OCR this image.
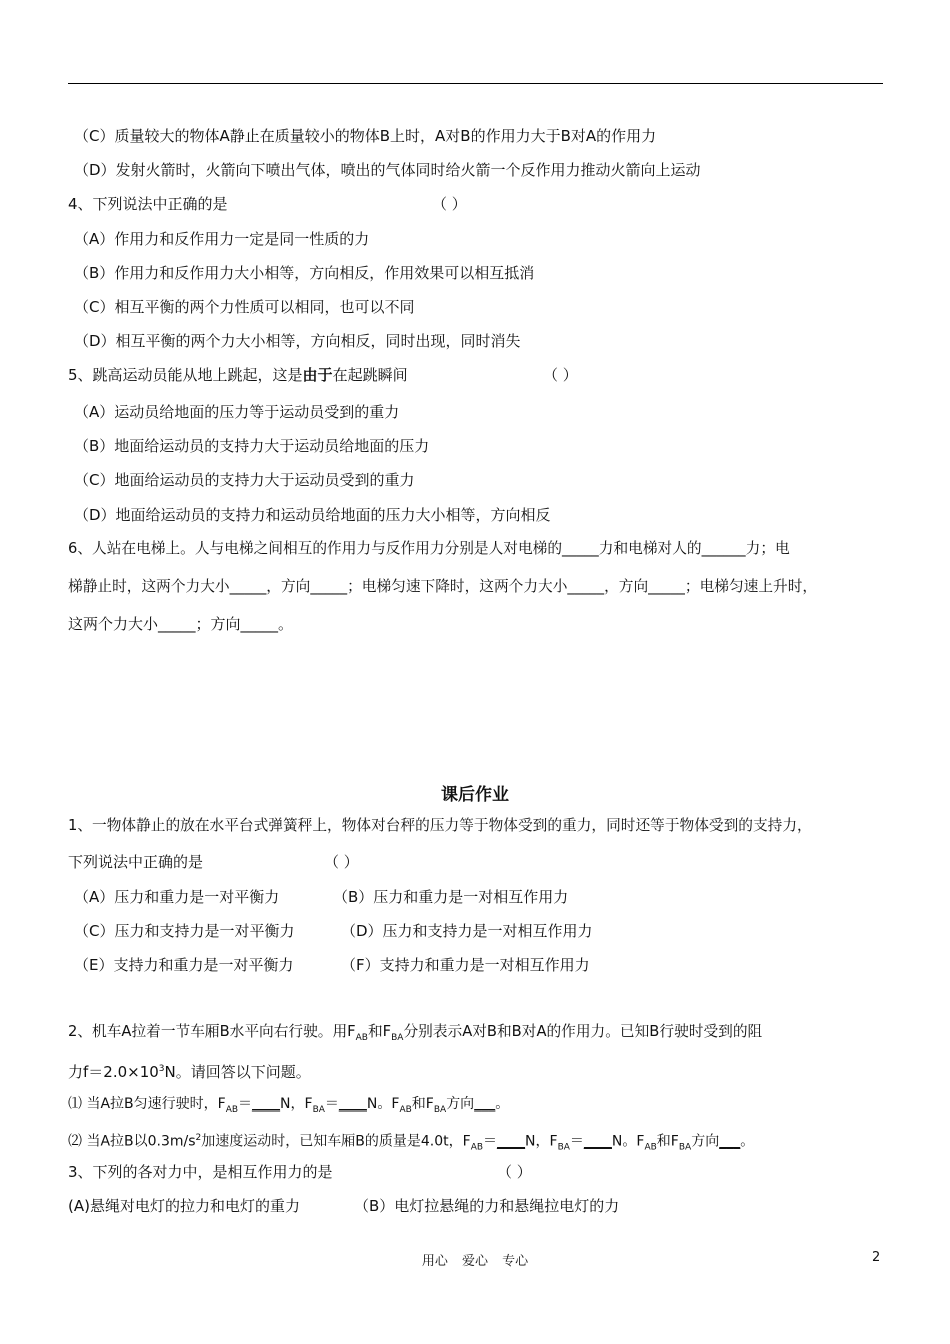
（C）质量较大的物体A静止在质量较小的物体B上时，A对B的作用力大于B对A的作用力
（D）发射火箭时，火箭向下喷出气体，喷出的气体同时给火箭一个反作用力推动火箭向上运动
4、下列说法中正确的是	（ ）
（A）作用力和反作用力一定是同一性质的力
（B）作用力和反作用力大小相等，方向相反，作用效果可以相互抵消
（C）相互平衡的两个力性质可以相同，也可以不同
（D）相互平衡的两个力大小相等，方向相反，同时出现，同时消失
5、跳高运动员能从地上跳起，这是由于在起跳瞬间	（ ）
（A）运动员给地面的压力等于运动员受到的重力
（B）地面给运动员的支持力大于运动员给地面的压力
（C）地面给运动员的支持力大于运动员受到的重力
（D）地面给运动员的支持力和运动员给地面的压力大小相等，方向相反
6、人站在电梯上。人与电梯之间相互的作用力与反作用力分别是人对电梯的_____力和电梯对人的______力；电
梯静止时，这两个力大小_____，方向_____；电梯匀速下降时，这两个力大小_____，方向_____；电梯匀速上升时，
这两个力大小_____；方向_____。
课后作业
1、一物体静止的放在水平台式弹簧秤上，物体对台秤的压力等于物体受到的重力，同时还等于物体受到的支持力，
下列说法中正确的是	（ ）
（A）压力和重力是一对平衡力	（B）压力和重力是一对相互作用力
（C）压力和支持力是一对平衡力	（D）压力和支持力是一对相互作用力
（E）支持力和重力是一对平衡力	（F）支持力和重力是一对相互作用力
2、机车A拉着一节车厢B水平向右行驶。用$F_{AB}$和$F_{BA}$分别表示A对B和B对A的作用力。已知B行驶时受到的阻
力$f=2.0\times 10^3N$。请回答以下问题。
⑴ 当A拉B匀速行驶时，$F_{AB}=\_\_\_\_N$，$F_{BA}=\_\_\_\_N$。$F_{AB}$和$F_{BA}$方向___。
⑵ 当A拉B以$0.3m/s^2$加速度运动时，已知车厢B的质量是4.0t，$F_{AB}=\_\_\_\_N$，$F_{BA}=\_\_\_\_N$。$F_{AB}$和$F_{BA}$方向___。
3、下列的各对力中，是相互作用力的是	（ ）
(A)悬绳对电灯的拉力和电灯的重力	（B）电灯拉悬绳的力和悬绳拉电灯的力
用心 爱心 专心	2
